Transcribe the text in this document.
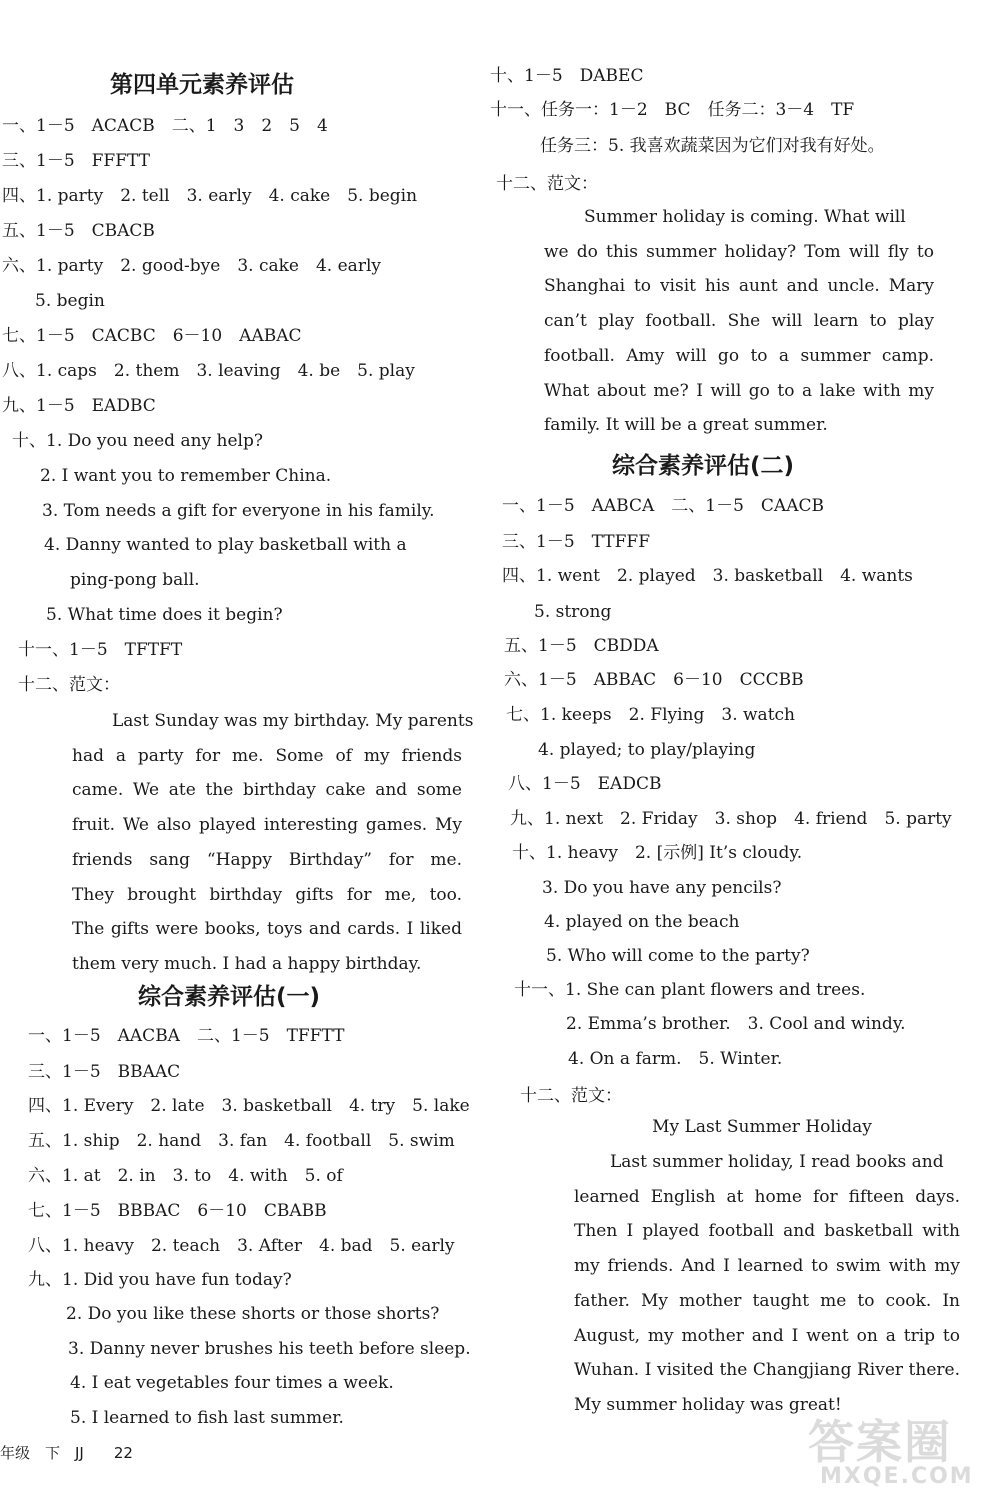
第四单元素养评估
一、1－5　ACACB　二、1　3　2　5　4
三、1－5　FFFTT
四、1. party　2. tell　3. early　4. cake　5. begin
五、1－5　CBACB
六、1. party　2. good-bye　3. cake　4. early
5. begin
七、1－5　CACBC　6－10　AABAC
八、1. caps　2. them　3. leaving　4. be　5. play
九、1－5　EADBC
十、1. Do you need any help?
2. I want you to remember China.
3. Tom needs a gift for everyone in his family.
4. Danny wanted to play basketball with a
ping-pong ball.
5. What time does it begin?
十一、1－5　TFTFT
十二、范文：
Last Sunday was my birthday. My parents
had a party for me. Some of my friends
came. We ate the birthday cake and some
fruit. We also played interesting games. My
friends sang “Happy Birthday” for me.
They brought birthday gifts for me, too.
The gifts were books, toys and cards. I liked
them very much. I had a happy birthday.
综合素养评估(一)
一、1－5　AACBA　二、1－5　TFFTT
三、1－5　BBAAC
四、1. Every　2. late　3. basketball　4. try　5. lake
五、1. ship　2. hand　3. fan　4. football　5. swim
六、1. at　2. in　3. to　4. with　5. of
七、1－5　BBBAC　6－10　CBABB
八、1. heavy　2. teach　3. After　4. bad　5. early
九、1. Did you have fun today?
2. Do you like these shorts or those shorts?
3. Danny never brushes his teeth before sleep.
4. I eat vegetables four times a week.
5. I learned to fish last summer.
年级　下　JJ　　22
十、1－5　DABEC
十一、任务一：1－2　BC　任务二：3－4　TF
任务三：5. 我喜欢蔬菜因为它们对我有好处。
十二、范文：
Summer holiday is coming. What will
we do this summer holiday? Tom will fly to
Shanghai to visit his aunt and uncle. Mary
can’t play football. She will learn to play
football. Amy will go to a summer camp.
What about me? I will go to a lake with my
family. It will be a great summer.
综合素养评估(二)
一、1－5　AABCA　二、1－5　CAACB
三、1－5　TTFFF
四、1. went　2. played　3. basketball　4. wants
5. strong
五、1－5　CBDDA
六、1－5　ABBAC　6－10　CCCBB
七、1. keeps　2. Flying　3. watch
4. played; to play/playing
八、1－5　EADCB
九、1. next　2. Friday　3. shop　4. friend　5. party
十、1. heavy　2. [示例] It’s cloudy.
3. Do you have any pencils?
4. played on the beach
5. Who will come to the party?
十一、1. She can plant flowers and trees.
2. Emma’s brother.　3. Cool and windy.
4. On a farm.　5. Winter.
十二、范文：
My Last Summer Holiday
Last summer holiday, I read books and
learned English at home for fifteen days.
Then I played football and basketball with
my friends. And I learned to swim with my
father. My mother taught me to cook. In
August, my mother and I went on a trip to
Wuhan. I visited the Changjiang River there.
My summer holiday was great!
答案圈
MXQE.COM
